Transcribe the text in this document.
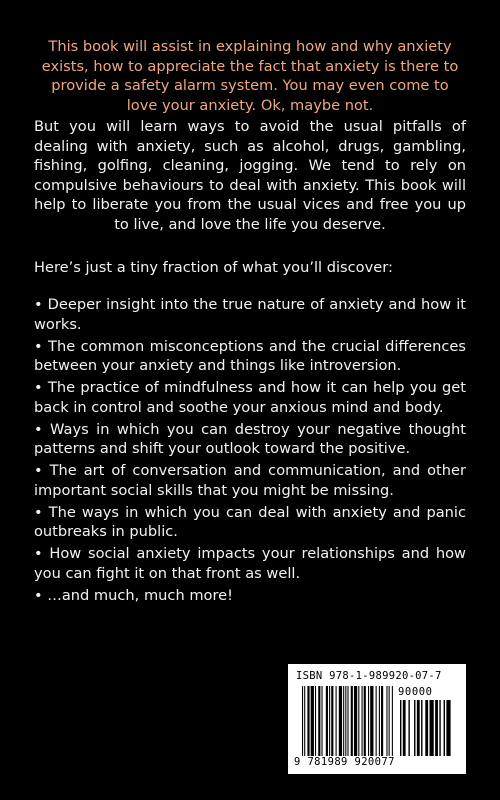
This book will assist in explaining how and why anxiety exists, how to appreciate the fact that anxiety is there to provide a safety alarm system. You may even come to love your anxiety. Ok, maybe not.

But you will learn ways to avoid the usual pitfalls of dealing with anxiety, such as alcohol, drugs, gambling, fishing, golfing, cleaning, jogging. We tend to rely on compulsive behaviours to deal with anxiety. This book will help to liberate you from the usual vices and free you up to live, and love the life you deserve.

Here’s just a tiny fraction of what you’ll discover:

• Deeper insight into the true nature of anxiety and how it works.
• The common misconceptions and the crucial differences between your anxiety and things like introversion.
• The practice of mindfulness and how it can help you get back in control and soothe your anxious mind and body.
• Ways in which you can destroy your negative thought patterns and shift your outlook toward the positive.
• The art of conversation and communication, and other important social skills that you might be missing.
• The ways in which you can deal with anxiety and panic outbreaks in public.
• How social anxiety impacts your relationships and how you can fight it on that front as well.
• …and much, much more!
ISBN 978-1-989920-07-7
90000
9 781989 920077
